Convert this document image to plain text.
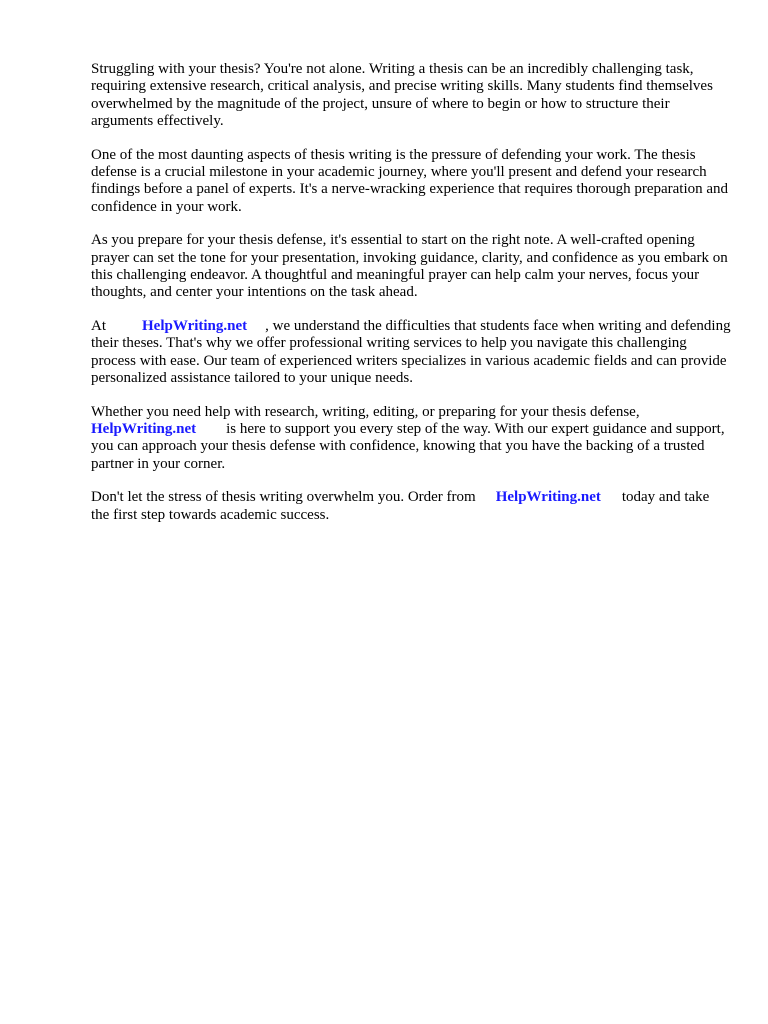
Struggling with your thesis? You're not alone. Writing a thesis can be an incredibly challenging task, requiring extensive research, critical analysis, and precise writing skills. Many students find themselves overwhelmed by the magnitude of the project, unsure of where to begin or how to structure their arguments effectively.

One of the most daunting aspects of thesis writing is the pressure of defending your work. The thesis defense is a crucial milestone in your academic journey, where you'll present and defend your research findings before a panel of experts. It's a nerve-wracking experience that requires thorough preparation and confidence in your work.

As you prepare for your thesis defense, it's essential to start on the right note. A well-crafted opening prayer can set the tone for your presentation, invoking guidance, clarity, and confidence as you embark on this challenging endeavor. A thoughtful and meaningful prayer can help calm your nerves, focus your thoughts, and center your intentions on the task ahead.

At HelpWriting.net , we understand the difficulties that students face when writing and defending their theses. That's why we offer professional writing services to help you navigate this challenging process with ease. Our team of experienced writers specializes in various academic fields and can provide personalized assistance tailored to your unique needs.

Whether you need help with research, writing, editing, or preparing for your thesis defense, HelpWriting.net is here to support you every step of the way. With our expert guidance and support, you can approach your thesis defense with confidence, knowing that you have the backing of a trusted partner in your corner.

Don't let the stress of thesis writing overwhelm you. Order from HelpWriting.net today and take the first step towards academic success.
